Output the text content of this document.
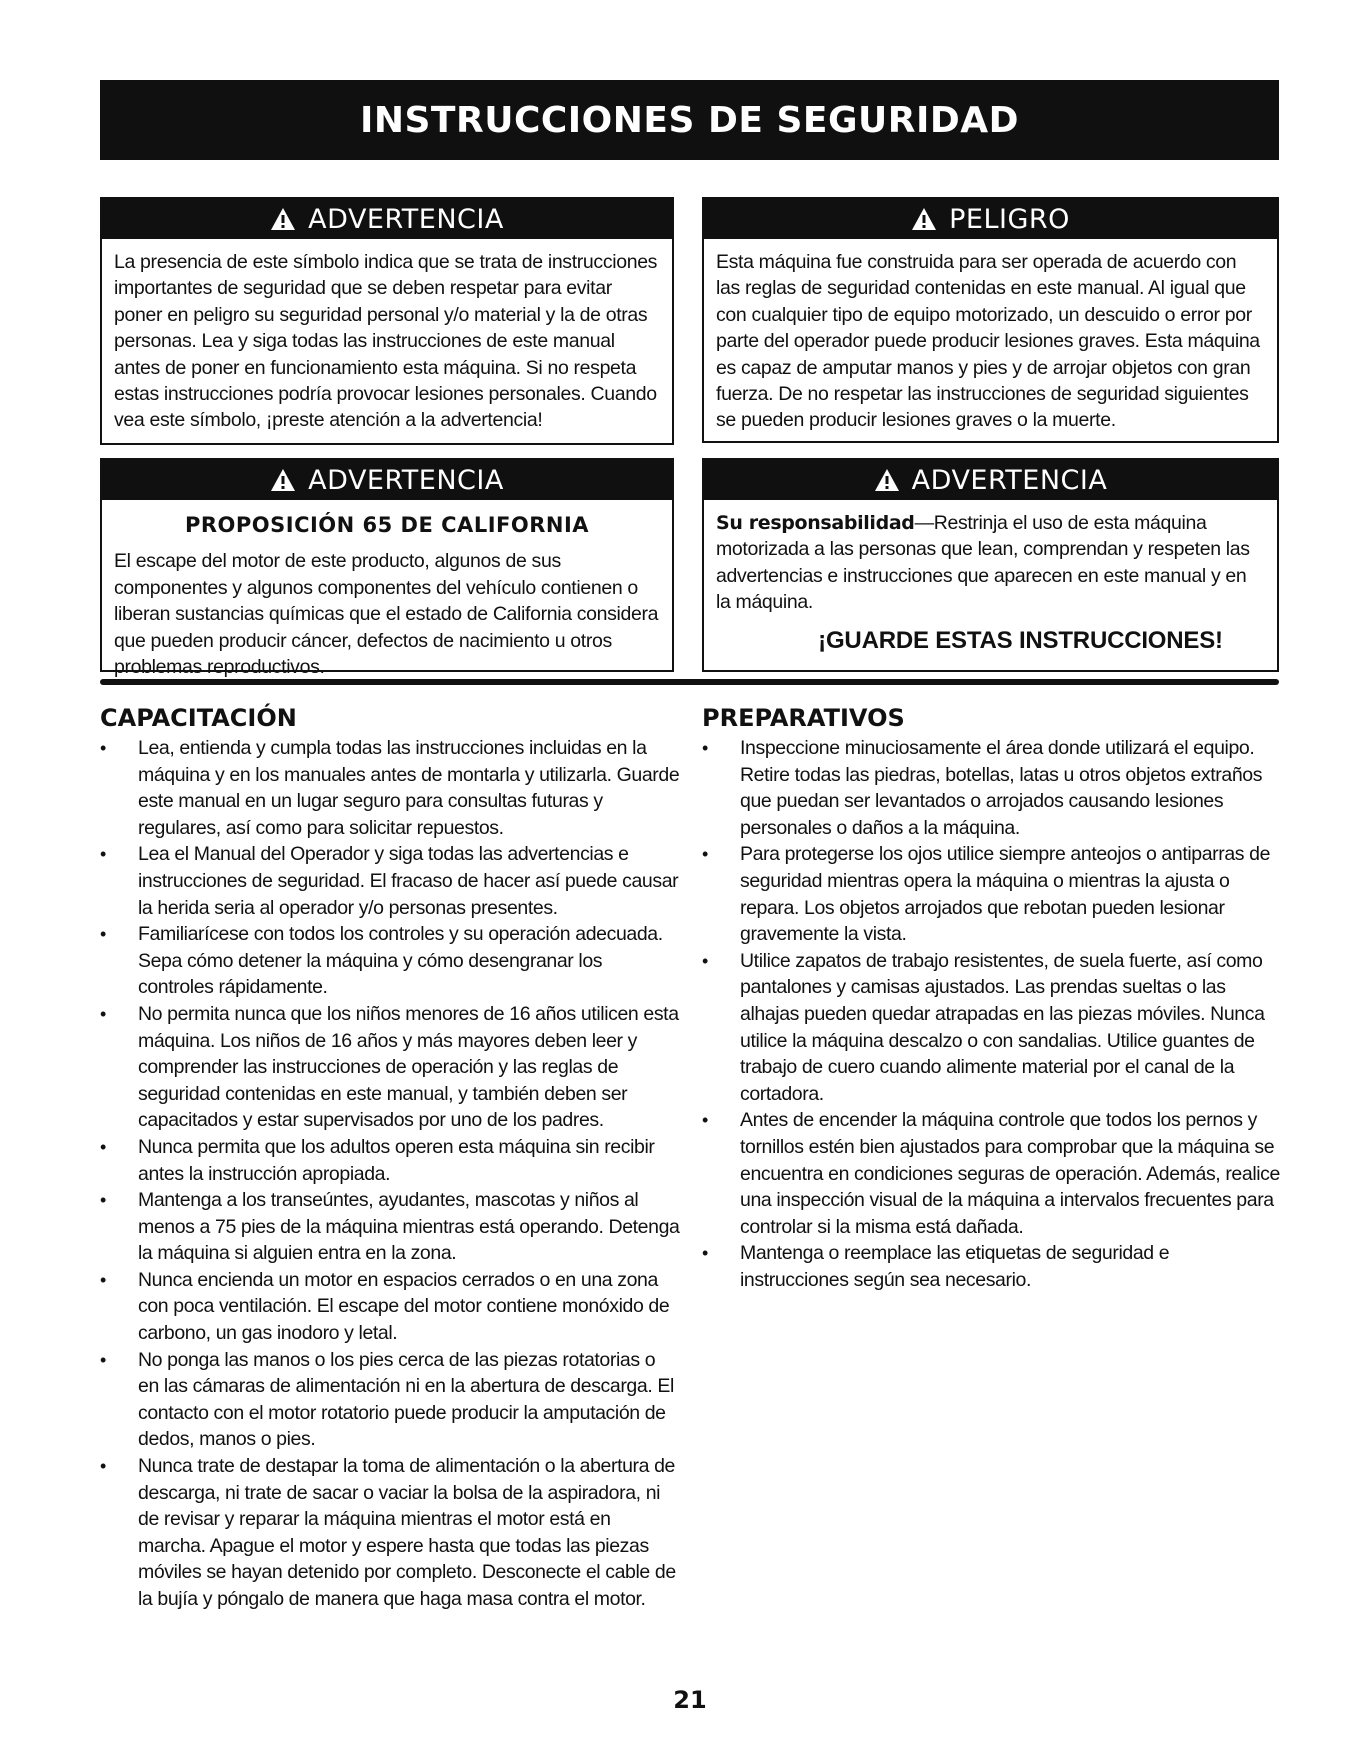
INSTRUCCIONES DE SEGURIDAD
ADVERTENCIA
La presencia de este símbolo indica que se trata de instrucciones importantes de seguridad que se deben respetar para evitar poner en peligro su seguridad personal y/o material y la de otras personas. Lea y siga todas las instrucciones de este manual antes de poner en funcionamiento esta máquina. Si no respeta estas instrucciones podría provocar lesiones personales. Cuando vea este símbolo, ¡preste atención a la advertencia!
PELIGRO
Esta máquina fue construida para ser operada de acuerdo con las reglas de seguridad contenidas en este manual. Al igual que con cualquier tipo de equipo motorizado, un descuido o error por parte del operador puede producir lesiones graves. Esta máquina es capaz de amputar manos y pies y de arrojar objetos con gran fuerza. De no respetar las instrucciones de seguridad siguientes se pueden producir lesiones graves o la muerte.
ADVERTENCIA
PROPOSICIÓN 65 DE CALIFORNIA
El escape del motor de este producto, algunos de sus componentes y algunos componentes del vehículo contienen o liberan sustancias químicas que el estado de California considera que pueden producir cáncer, defectos de nacimiento u otros problemas reproductivos.
ADVERTENCIA
Su responsabilidad—Restrinja el uso de esta máquina motorizada a las personas que lean, comprendan y respeten las advertencias e instrucciones que aparecen en este manual y en la máquina.
¡GUARDE ESTAS INSTRUCCIONES!
CAPACITACIÓN
• Lea, entienda y cumpla todas las instrucciones incluidas en la máquina y en los manuales antes de montarla y utilizarla. Guarde este manual en un lugar seguro para consultas futuras y regulares, así como para solicitar repuestos.
• Lea el Manual del Operador y siga todas las advertencias e instrucciones de seguridad. El fracaso de hacer así puede causar la herida seria al operador y/o personas presentes.
• Familiarícese con todos los controles y su operación adecuada. Sepa cómo detener la máquina y cómo desengranar los controles rápidamente.
• No permita nunca que los niños menores de 16 años utilicen esta máquina. Los niños de 16 años y más mayores deben leer y comprender las instrucciones de operación y las reglas de seguridad contenidas en este manual, y también deben ser capacitados y estar supervisados por uno de los padres.
• Nunca permita que los adultos operen esta máquina sin recibir antes la instrucción apropiada.
• Mantenga a los transeúntes, ayudantes, mascotas y niños al menos a 75 pies de la máquina mientras está operando. Detenga la máquina si alguien entra en la zona.
• Nunca encienda un motor en espacios cerrados o en una zona con poca ventilación. El escape del motor contiene monóxido de carbono, un gas inodoro y letal.
• No ponga las manos o los pies cerca de las piezas rotatorias o en las cámaras de alimentación ni en la abertura de descarga. El contacto con el motor rotatorio puede producir la amputación de dedos, manos o pies.
• Nunca trate de destapar la toma de alimentación o la abertura de descarga, ni trate de sacar o vaciar la bolsa de la aspiradora, ni de revisar y reparar la máquina mientras el motor está en marcha. Apague el motor y espere hasta que todas las piezas móviles se hayan detenido por completo. Desconecte el cable de la bujía y póngalo de manera que haga masa contra el motor.
PREPARATIVOS
• Inspeccione minuciosamente el área donde utilizará el equipo. Retire todas las piedras, botellas, latas u otros objetos extraños que puedan ser levantados o arrojados causando lesiones personales o daños a la máquina.
• Para protegerse los ojos utilice siempre anteojos o antiparras de seguridad mientras opera la máquina o mientras la ajusta o repara. Los objetos arrojados que rebotan pueden lesionar gravemente la vista.
• Utilice zapatos de trabajo resistentes, de suela fuerte, así como pantalones y camisas ajustados. Las prendas sueltas o las alhajas pueden quedar atrapadas en las piezas móviles. Nunca utilice la máquina descalzo o con sandalias. Utilice guantes de trabajo de cuero cuando alimente material por el canal de la cortadora.
• Antes de encender la máquina controle que todos los pernos y tornillos estén bien ajustados para comprobar que la máquina se encuentra en condiciones seguras de operación. Además, realice una inspección visual de la máquina a intervalos frecuentes para controlar si la misma está dañada.
• Mantenga o reemplace las etiquetas de seguridad e instrucciones según sea necesario.
21
